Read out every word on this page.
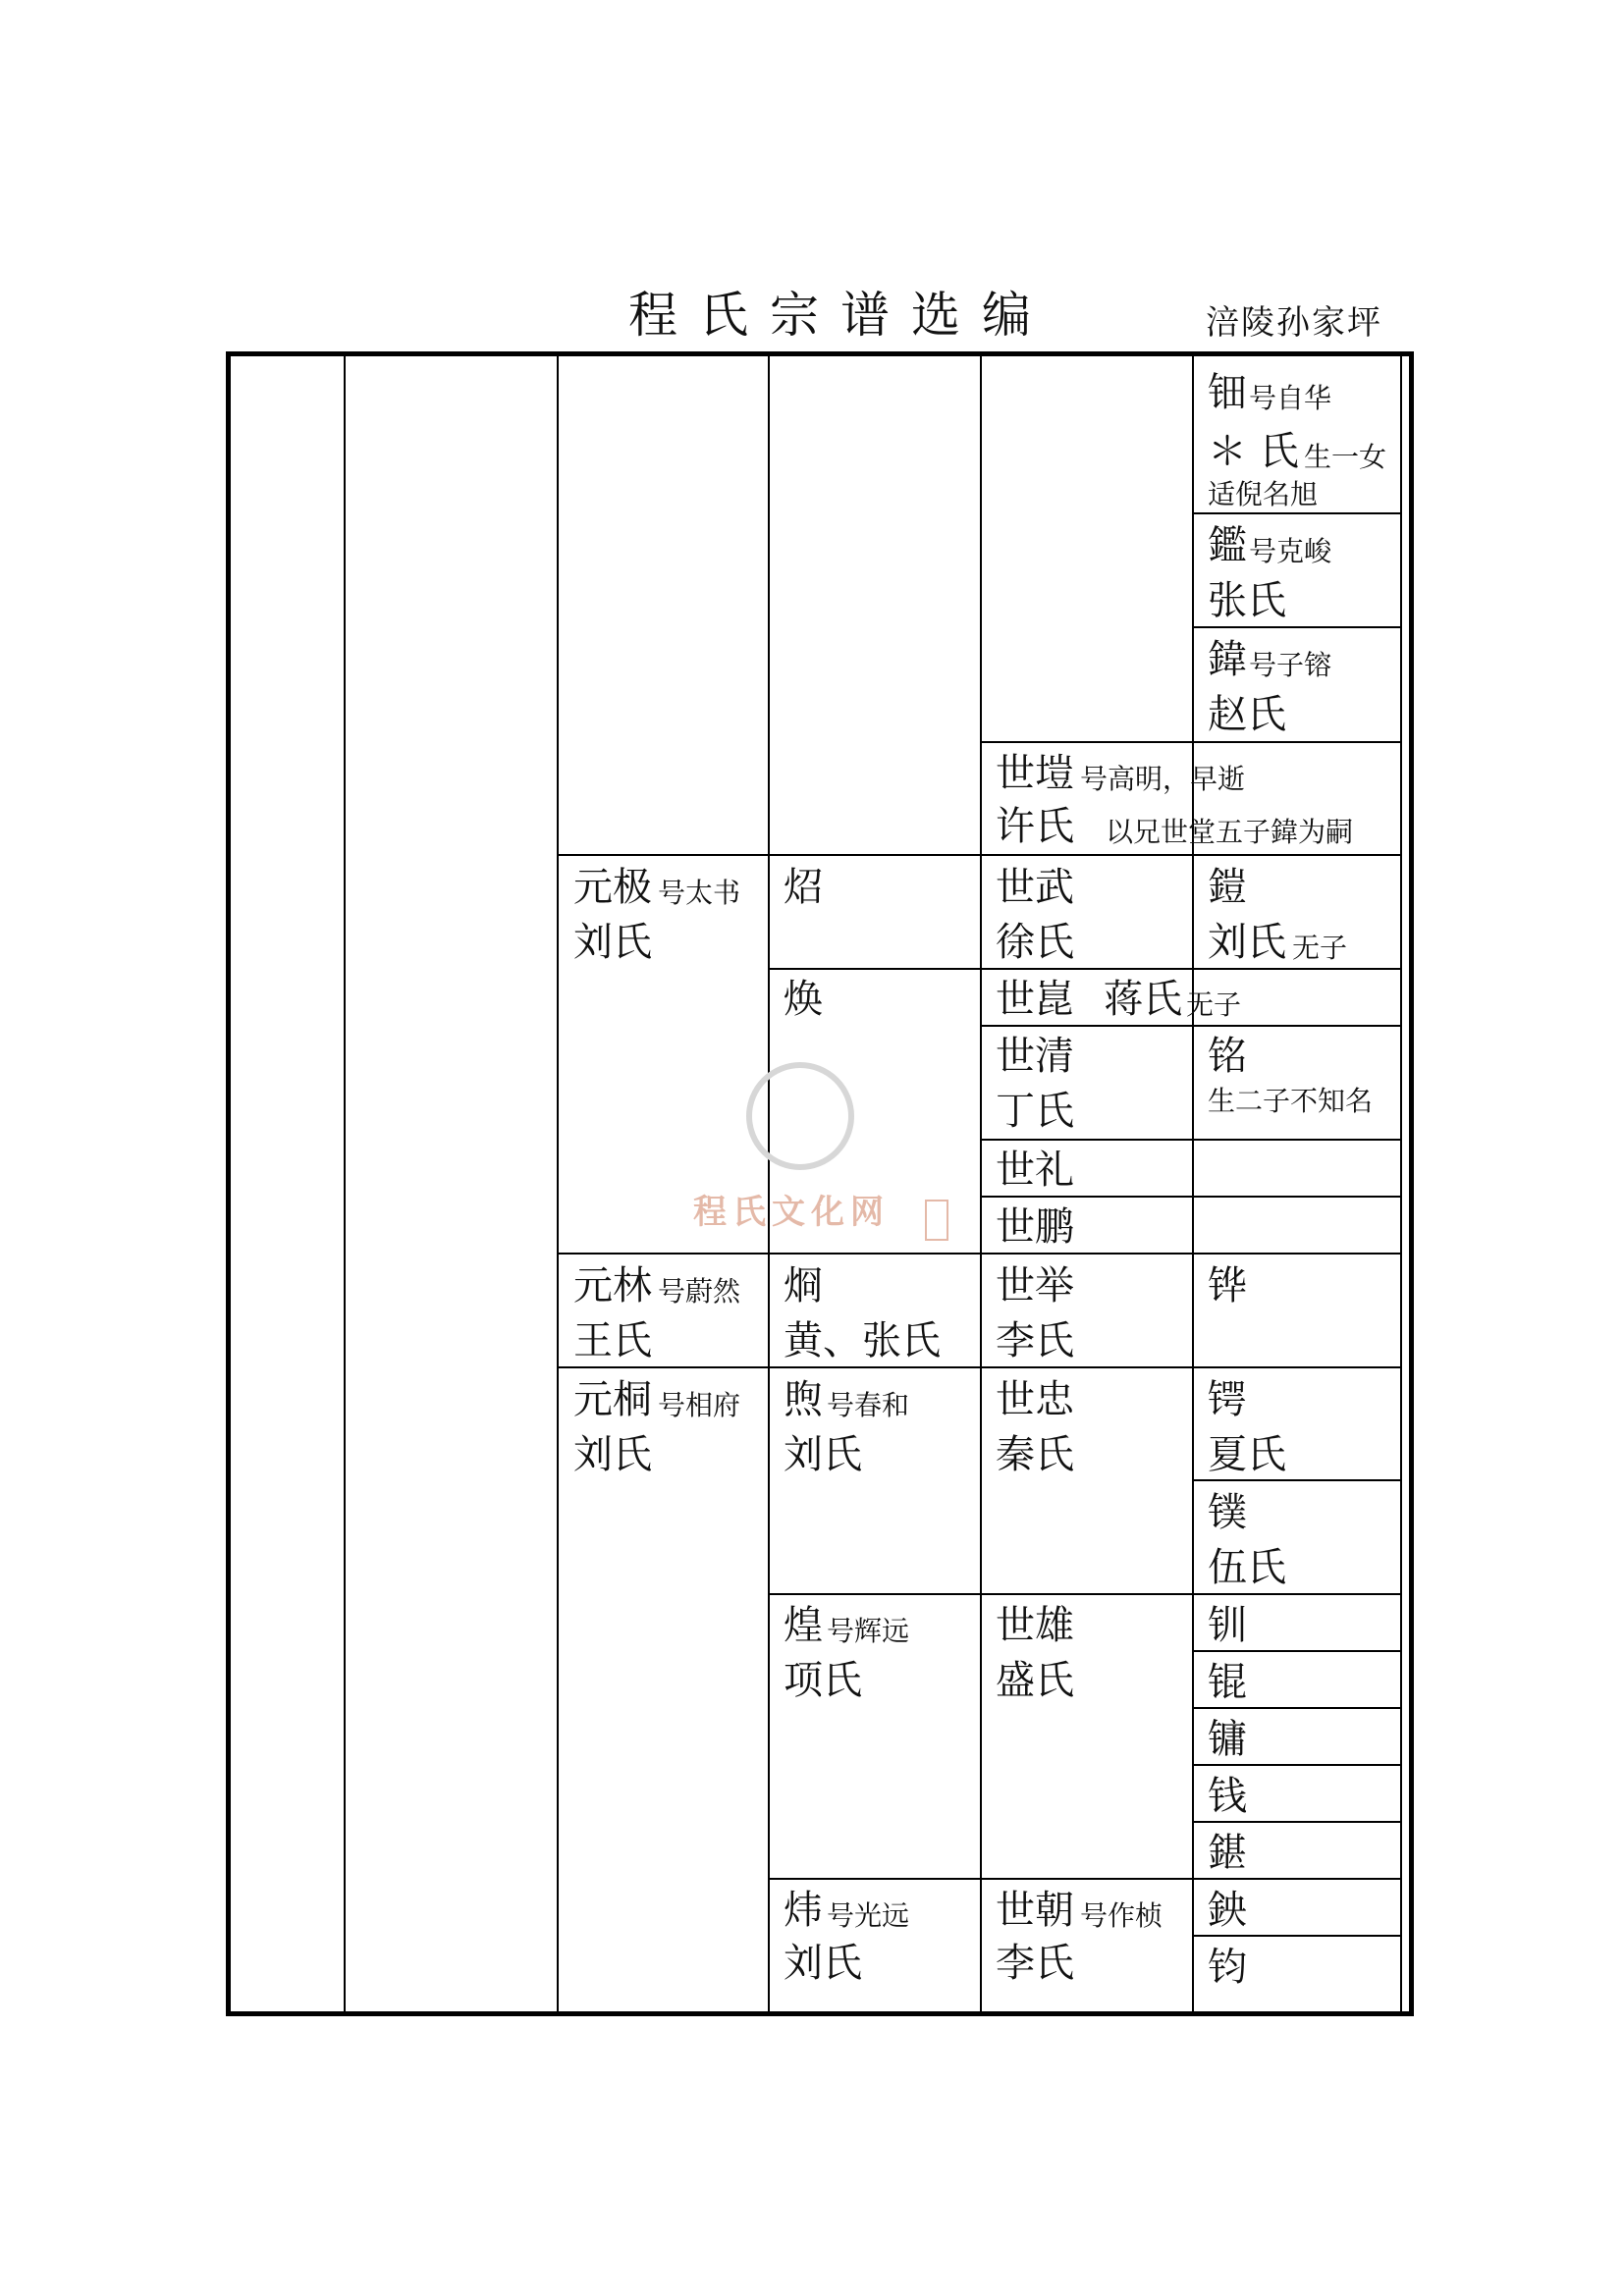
程氏宗谱选编	涪陵孙家坪
程氏文化网
钿 号自华
＊ 氏 生一女
适倪名旭
鑑 号克峻
张氏
鍏 号子镕
赵氏
鎧
刘氏 无子
铭
生二子不知名
铧
锷
夏氏
镤
伍氏
钏
锟
镛
钱
鍖
鉠
钧
世塏 号高明，早逝
许氏 以兄世堂五子鍏为嗣
世武
徐氏
世崑 蒋氏 无子
世清
丁氏
世礼
世鹏
世举
李氏
世忠
秦氏
世雄
盛氏
世朝 号作桢
李氏
炤
焕
烱
黄、张氏
煦 号春和
刘氏
煌 号辉远
项氏
炜 号光远
刘氏
元极 号太书
刘氏
元林 号蔚然
王氏
元桐 号相府
刘氏
